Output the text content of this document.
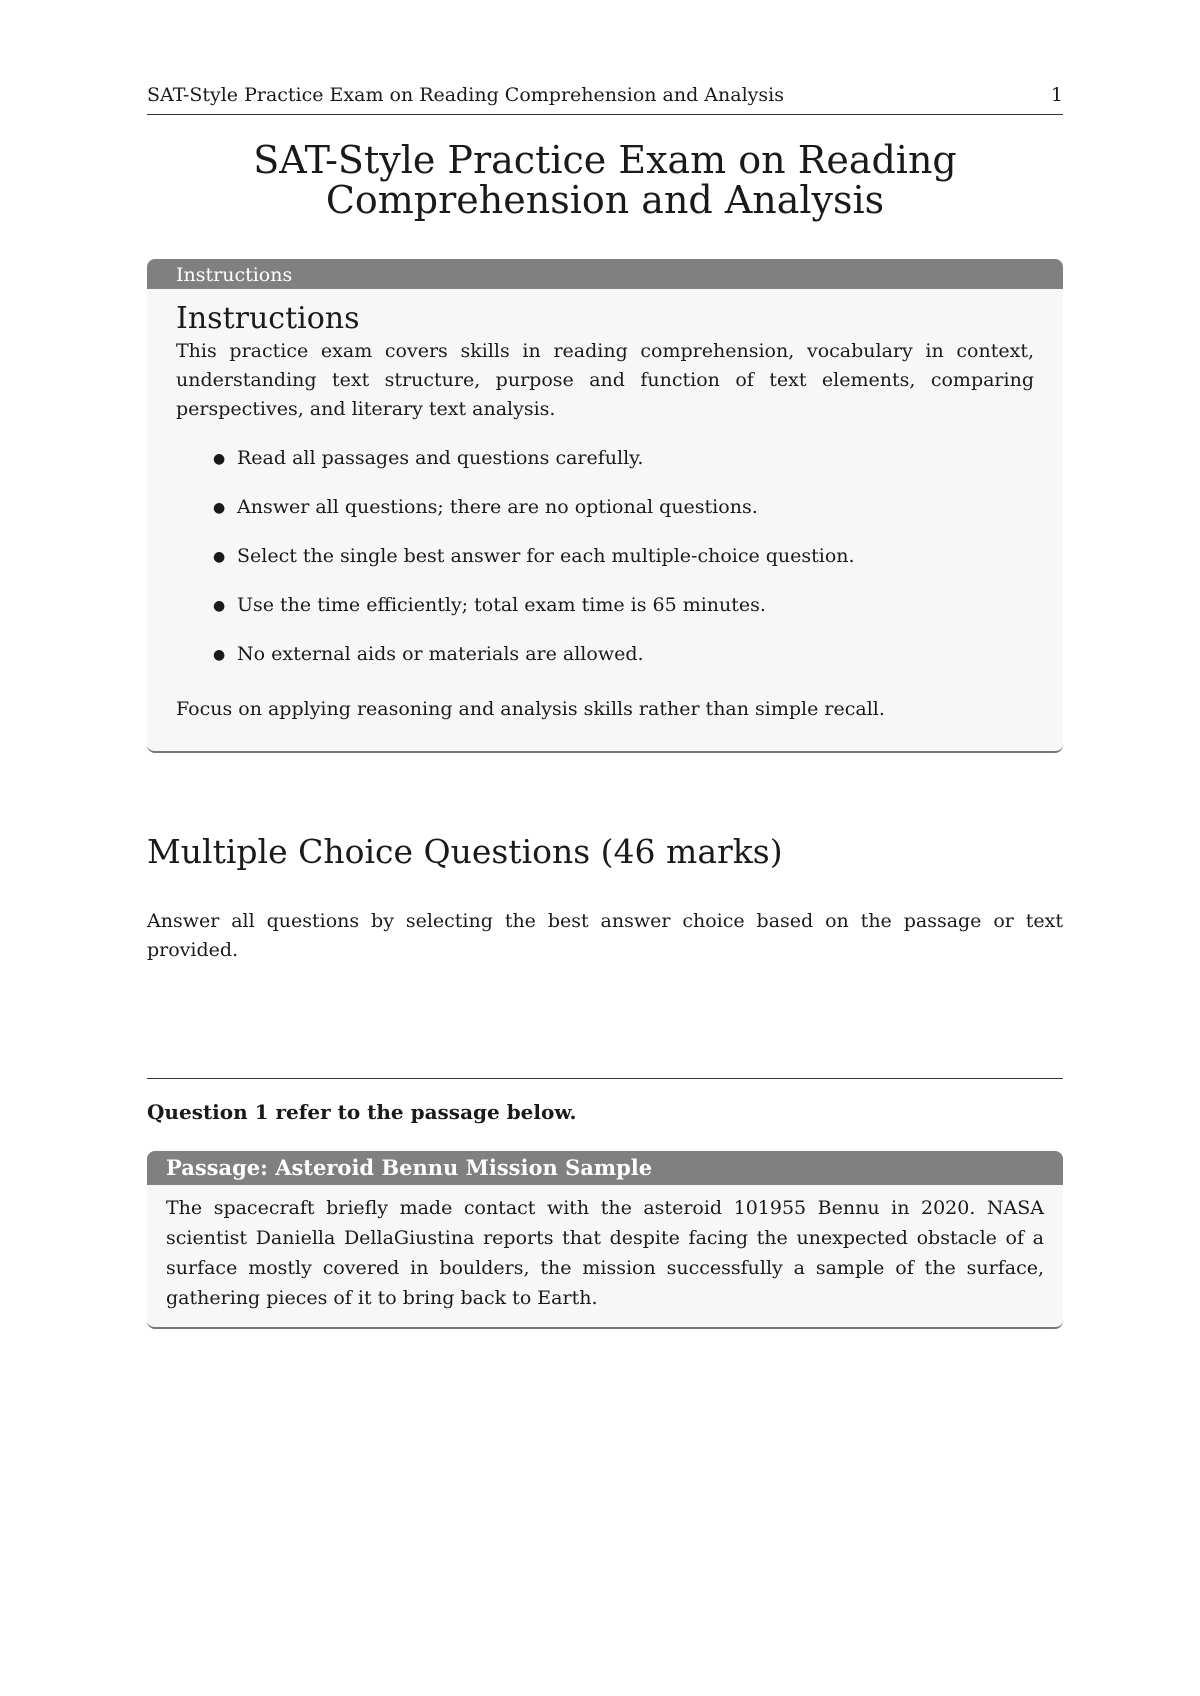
SAT-Style Practice Exam on Reading Comprehension and Analysis	1
SAT-Style Practice Exam on Reading
Comprehension and Analysis
Instructions
Instructions

This practice exam covers skills in reading comprehension, vocabulary in context, understanding text structure, purpose and function of text elements, comparing perspectives, and literary text analysis.

● Read all passages and questions carefully.
● Answer all questions; there are no optional questions.
● Select the single best answer for each multiple-choice question.
● Use the time efficiently; total exam time is 65 minutes.
● No external aids or materials are allowed.

Focus on applying reasoning and analysis skills rather than simple recall.

Multiple Choice Questions (46 marks)

Answer all questions by selecting the best answer choice based on the passage or text provided.

Question 1 refer to the passage below.

Passage: Asteroid Bennu Mission Sample

The spacecraft briefly made contact with the asteroid 101955 Bennu in 2020. NASA scientist Daniella DellaGiustina reports that despite facing the unexpected obstacle of a surface mostly covered in boulders, the mission successfully a sample of the surface, gathering pieces of it to bring back to Earth.
